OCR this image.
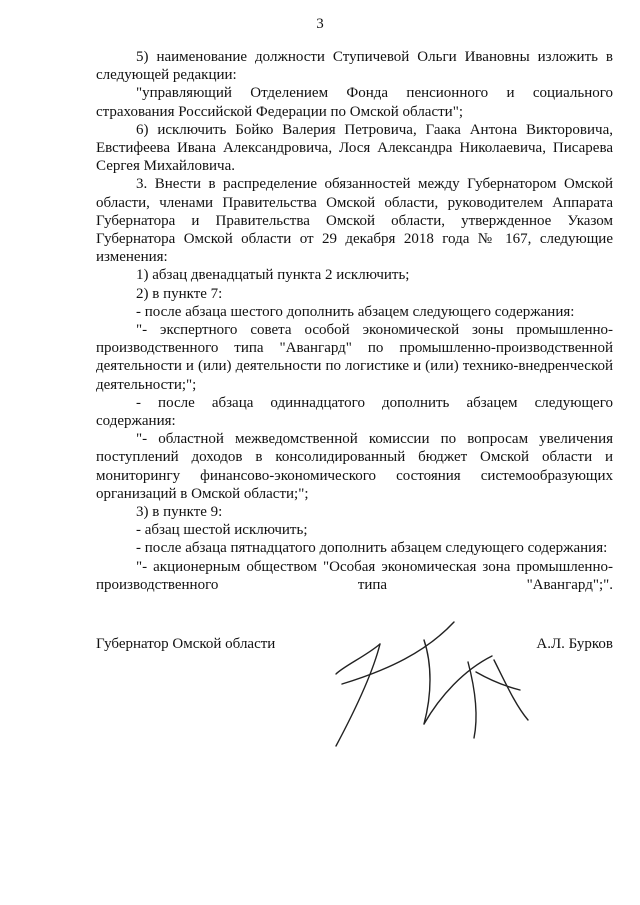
3

5) наименование должности Ступичевой Ольги Ивановны изложить в следующей редакции:

"управляющий Отделением Фонда пенсионного и социального страхования Российской Федерации по Омской области";

6) исключить Бойко Валерия Петровича, Гаака Антона Викторовича, Евстифеева Ивана Александровича, Лося Александра Николаевича, Писарева Сергея Михайловича.

3. Внести в распределение обязанностей между Губернатором Омской области, членами Правительства Омской области, руководителем Аппарата Губернатора и Правительства Омской области, утвержденное Указом Губернатора Омской области от 29 декабря 2018 года № 167, следующие изменения:

1) абзац двенадцатый пункта 2 исключить;

2) в пункте 7:

- после абзаца шестого дополнить абзацем следующего содержания:

"- экспертного совета особой экономической зоны промышленно-производственного типа "Авангард" по промышленно-производственной деятельности и (или) деятельности по логистике и (или) технико-внедренческой деятельности;";

- после абзаца одиннадцатого дополнить абзацем следующего содержания:

"- областной межведомственной комиссии по вопросам увеличения поступлений доходов в консолидированный бюджет Омской области и мониторингу финансово-экономического состояния системообразующих организаций в Омской области;";

3) в пункте 9:

- абзац шестой исключить;

- после абзаца пятнадцатого дополнить абзацем следующего содержания:

"- акционерным обществом "Особая экономическая зона промышленно-производственного типа "Авангард";".

Губернатор Омской области	А.Л. Бурков
